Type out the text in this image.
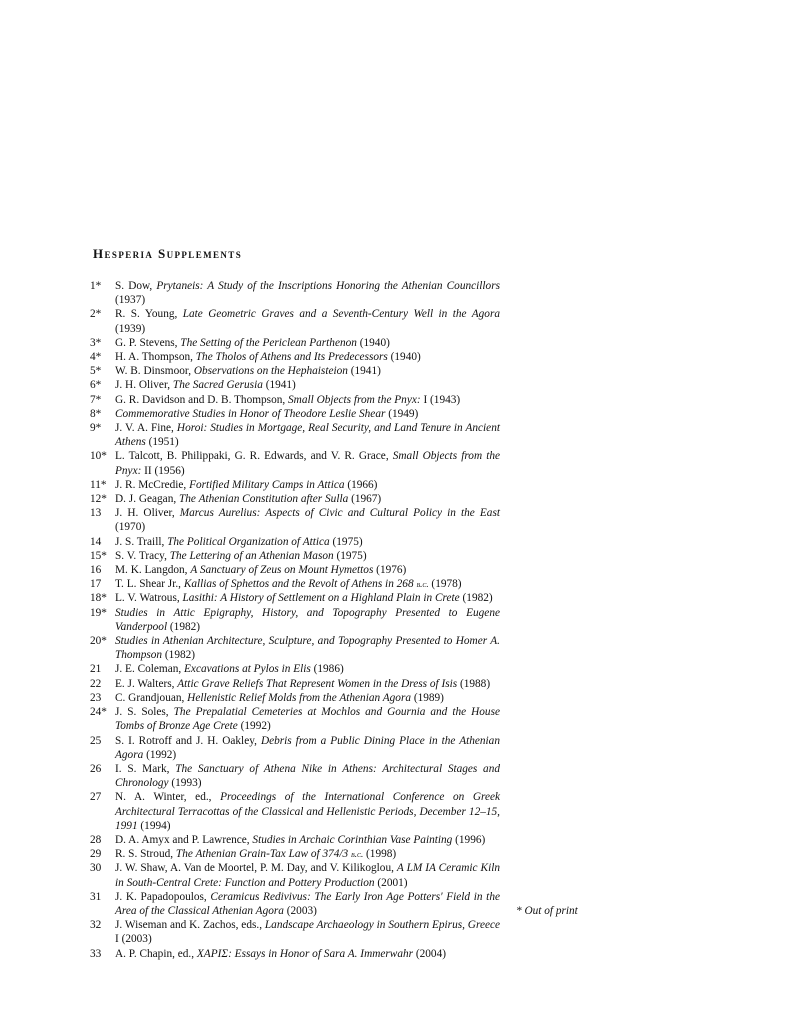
Hesperia Supplements
1*	S. Dow, Prytaneis: A Study of the Inscriptions Honoring the Athenian Councillors (1937)
2*	R. S. Young, Late Geometric Graves and a Seventh-Century Well in the Agora (1939)
3*	G. P. Stevens, The Setting of the Periclean Parthenon (1940)
4*	H. A. Thompson, The Tholos of Athens and Its Predecessors (1940)
5*	W. B. Dinsmoor, Observations on the Hephaisteion (1941)
6*	J. H. Oliver, The Sacred Gerusia (1941)
7*	G. R. Davidson and D. B. Thompson, Small Objects from the Pnyx: I (1943)
8*	Commemorative Studies in Honor of Theodore Leslie Shear (1949)
9*	J. V. A. Fine, Horoi: Studies in Mortgage, Real Security, and Land Tenure in Ancient Athens (1951)
10* L. Talcott, B. Philippaki, G. R. Edwards, and V. R. Grace, Small Objects from the Pnyx: II (1956)
11* J. R. McCredie, Fortified Military Camps in Attica (1966)
12* D. J. Geagan, The Athenian Constitution after Sulla (1967)
13	J. H. Oliver, Marcus Aurelius: Aspects of Civic and Cultural Policy in the East (1970)
14	J. S. Traill, The Political Organization of Attica (1975)
15* S. V. Tracy, The Lettering of an Athenian Mason (1975)
16	M. K. Langdon, A Sanctuary of Zeus on Mount Hymettos (1976)
17	T. L. Shear Jr., Kallias of Sphettos and the Revolt of Athens in 268 b.c. (1978)
18* L. V. Watrous, Lasithi: A History of Settlement on a Highland Plain in Crete (1982)
19* Studies in Attic Epigraphy, History, and Topography Presented to Eugene Vanderpool (1982)
20* Studies in Athenian Architecture, Sculpture, and Topography Presented to Homer A. Thompson (1982)
21	J. E. Coleman, Excavations at Pylos in Elis (1986)
22	E. J. Walters, Attic Grave Reliefs That Represent Women in the Dress of Isis (1988)
23	C. Grandjouan, Hellenistic Relief Molds from the Athenian Agora (1989)
24* J. S. Soles, The Prepalatial Cemeteries at Mochlos and Gournia and the House Tombs of Bronze Age Crete (1992)
25	S. I. Rotroff and J. H. Oakley, Debris from a Public Dining Place in the Athenian Agora (1992)
26	I. S. Mark, The Sanctuary of Athena Nike in Athens: Architectural Stages and Chronology (1993)
27	N. A. Winter, ed., Proceedings of the International Conference on Greek Architectural Terracottas of the Classical and Hellenistic Periods, December 12–15, 1991 (1994)
28	D. A. Amyx and P. Lawrence, Studies in Archaic Corinthian Vase Painting (1996)
29	R. S. Stroud, The Athenian Grain-Tax Law of 374/3 b.c. (1998)
30	J. W. Shaw, A. Van de Moortel, P. M. Day, and V. Kilikoglou, A LM IA Ceramic Kiln in South-Central Crete: Function and Pottery Production (2001)
31	J. K. Papadopoulos, Ceramicus Redivivus: The Early Iron Age Potters' Field in the Area of the Classical Athenian Agora (2003)
32	J. Wiseman and K. Zachos, eds., Landscape Archaeology in Southern Epirus, Greece I (2003)
33	A. P. Chapin, ed., ΧΑΡΙΣ: Essays in Honor of Sara A. Immerwahr (2004)
* Out of print
